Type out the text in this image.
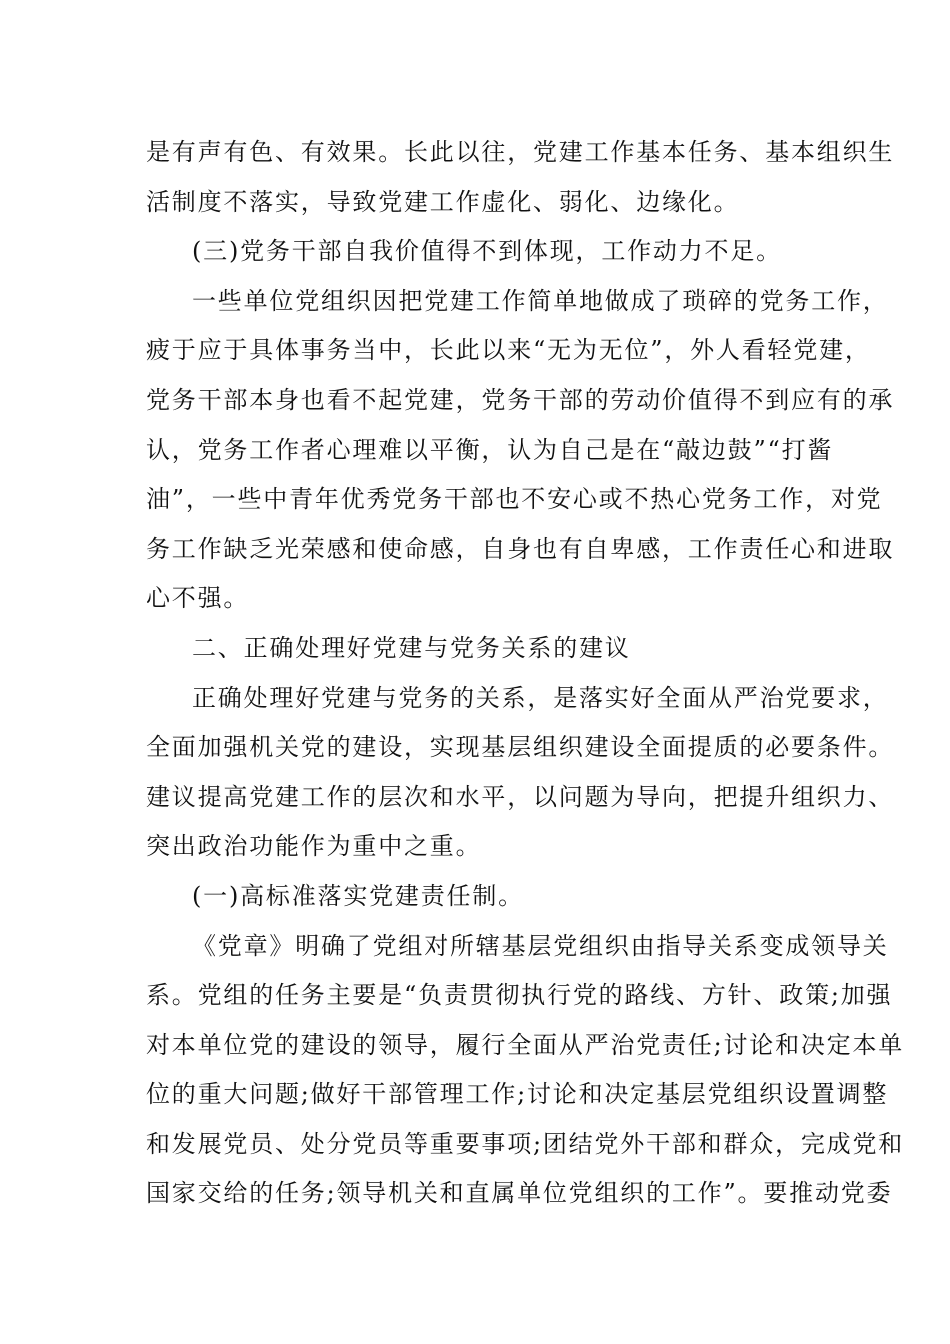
是有声有色、有效果。长此以往，党建工作基本任务、基本组织生
活制度不落实，导致党建工作虚化、弱化、边缘化。
(三)党务干部自我价值得不到体现，工作动力不足。
一些单位党组织因把党建工作简单地做成了琐碎的党务工作，
疲于应于具体事务当中，长此以来“无为无位”，外人看轻党建，
党务干部本身也看不起党建，党务干部的劳动价值得不到应有的承
认，党务工作者心理难以平衡，认为自己是在“敲边鼓”“打酱
油”，一些中青年优秀党务干部也不安心或不热心党务工作，对党
务工作缺乏光荣感和使命感，自身也有自卑感，工作责任心和进取
心不强。
二、正确处理好党建与党务关系的建议
正确处理好党建与党务的关系，是落实好全面从严治党要求，
全面加强机关党的建设，实现基层组织建设全面提质的必要条件。
建议提高党建工作的层次和水平，以问题为导向，把提升组织力、
突出政治功能作为重中之重。
(一)高标准落实党建责任制。
《党章》明确了党组对所辖基层党组织由指导关系变成领导关
系。党组的任务主要是“负责贯彻执行党的路线、方针、政策;加强
对本单位党的建设的领导，履行全面从严治党责任;讨论和决定本单
位的重大问题;做好干部管理工作;讨论和决定基层党组织设置调整
和发展党员、处分党员等重要事项;团结党外干部和群众，完成党和
国家交给的任务;领导机关和直属单位党组织的工作”。要推动党委
